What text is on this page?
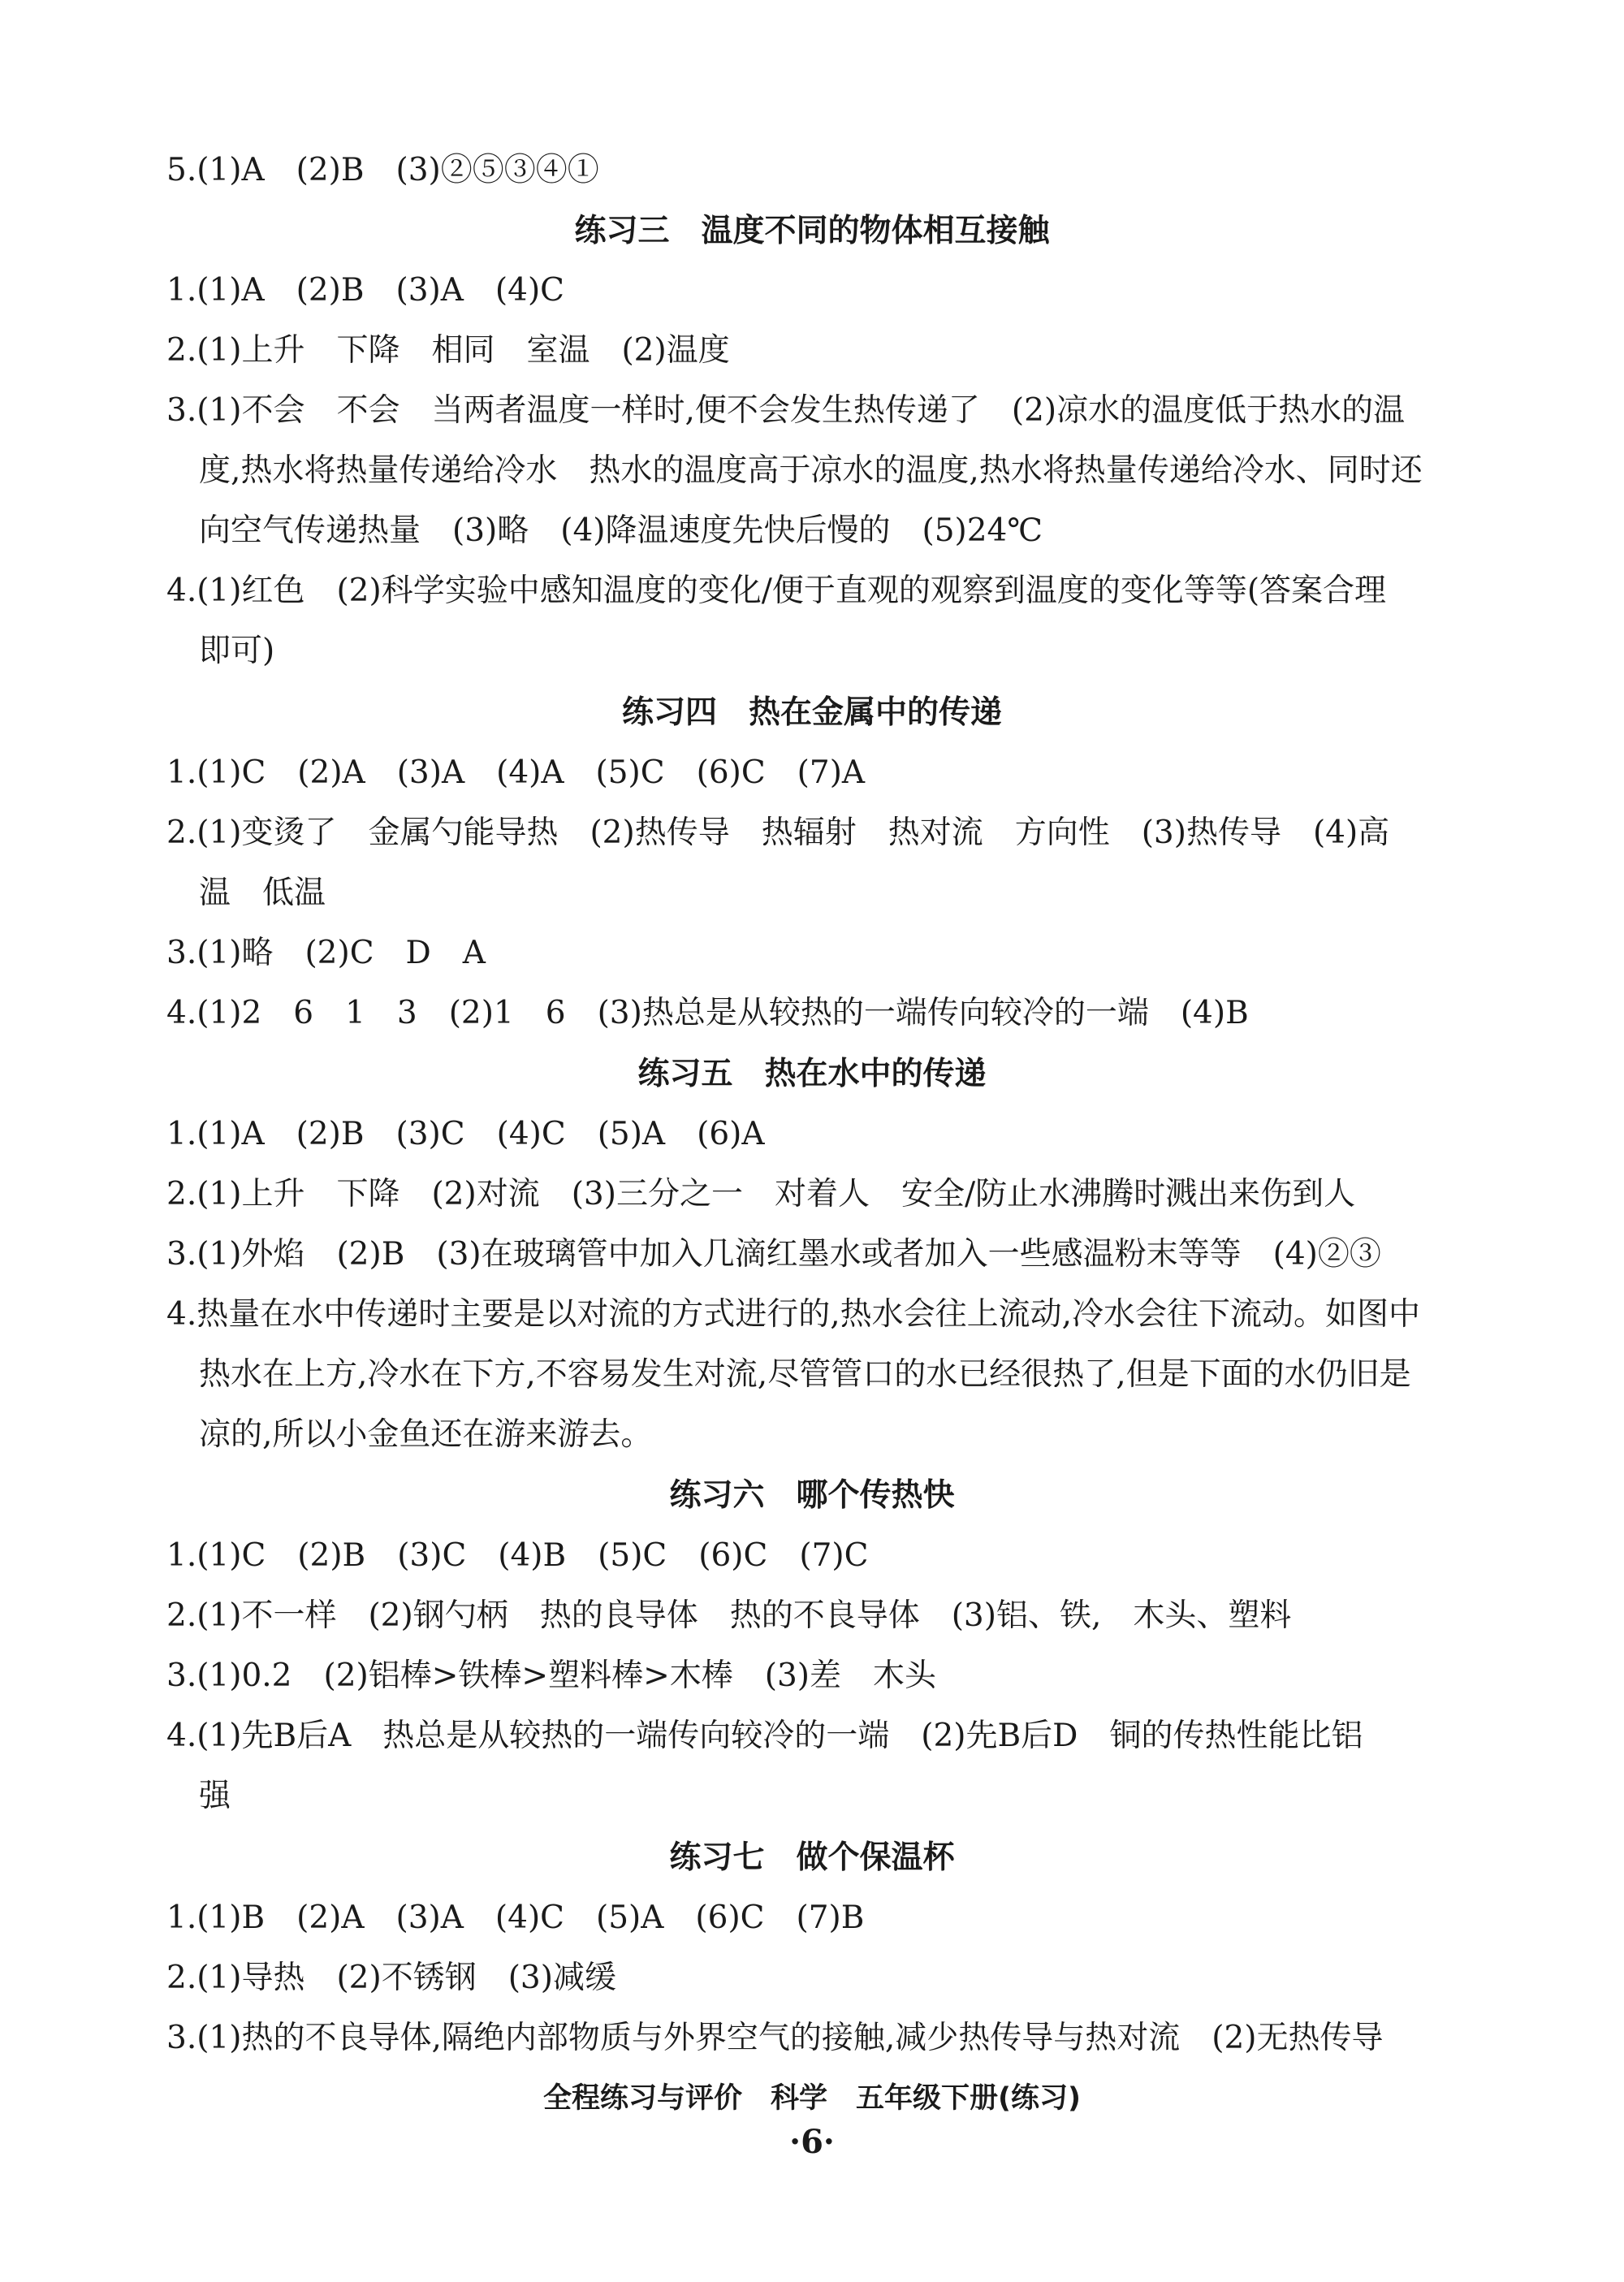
5.(1)A　(2)B　(3)②⑤③④①
练习三　温度不同的物体相互接触
1.(1)A　(2)B　(3)A　(4)C
2.(1)上升　下降　相同　室温　(2)温度
3.(1)不会　不会　当两者温度一样时,便不会发生热传递了　(2)凉水的温度低于热水的温
度,热水将热量传递给冷水　热水的温度高于凉水的温度,热水将热量传递给冷水、同时还
向空气传递热量　(3)略　(4)降温速度先快后慢的　(5)24℃
4.(1)红色　(2)科学实验中感知温度的变化/便于直观的观察到温度的变化等等(答案合理
即可)
练习四　热在金属中的传递
1.(1)C　(2)A　(3)A　(4)A　(5)C　(6)C　(7)A
2.(1)变烫了　金属勺能导热　(2)热传导　热辐射　热对流　方向性　(3)热传导　(4)高
温　低温
3.(1)略　(2)C　D　A
4.(1)2　6　1　3　(2)1　6　(3)热总是从较热的一端传向较冷的一端　(4)B
练习五　热在水中的传递
1.(1)A　(2)B　(3)C　(4)C　(5)A　(6)A
2.(1)上升　下降　(2)对流　(3)三分之一　对着人　安全/防止水沸腾时溅出来伤到人
3.(1)外焰　(2)B　(3)在玻璃管中加入几滴红墨水或者加入一些感温粉末等等　(4)②③
4.热量在水中传递时主要是以对流的方式进行的,热水会往上流动,冷水会往下流动。如图中
热水在上方,冷水在下方,不容易发生对流,尽管管口的水已经很热了,但是下面的水仍旧是
凉的,所以小金鱼还在游来游去。
练习六　哪个传热快
1.(1)C　(2)B　(3)C　(4)B　(5)C　(6)C　(7)C
2.(1)不一样　(2)钢勺柄　热的良导体　热的不良导体　(3)铝、铁,　木头、塑料
3.(1)0.2　(2)铝棒>铁棒>塑料棒>木棒　(3)差　木头
4.(1)先B后A　热总是从较热的一端传向较冷的一端　(2)先B后D　铜的传热性能比铝
强
练习七　做个保温杯
1.(1)B　(2)A　(3)A　(4)C　(5)A　(6)C　(7)B
2.(1)导热　(2)不锈钢　(3)减缓
3.(1)热的不良导体,隔绝内部物质与外界空气的接触,减少热传导与热对流　(2)无热传导
全程练习与评价　科学　五年级下册(练习)
·6·
